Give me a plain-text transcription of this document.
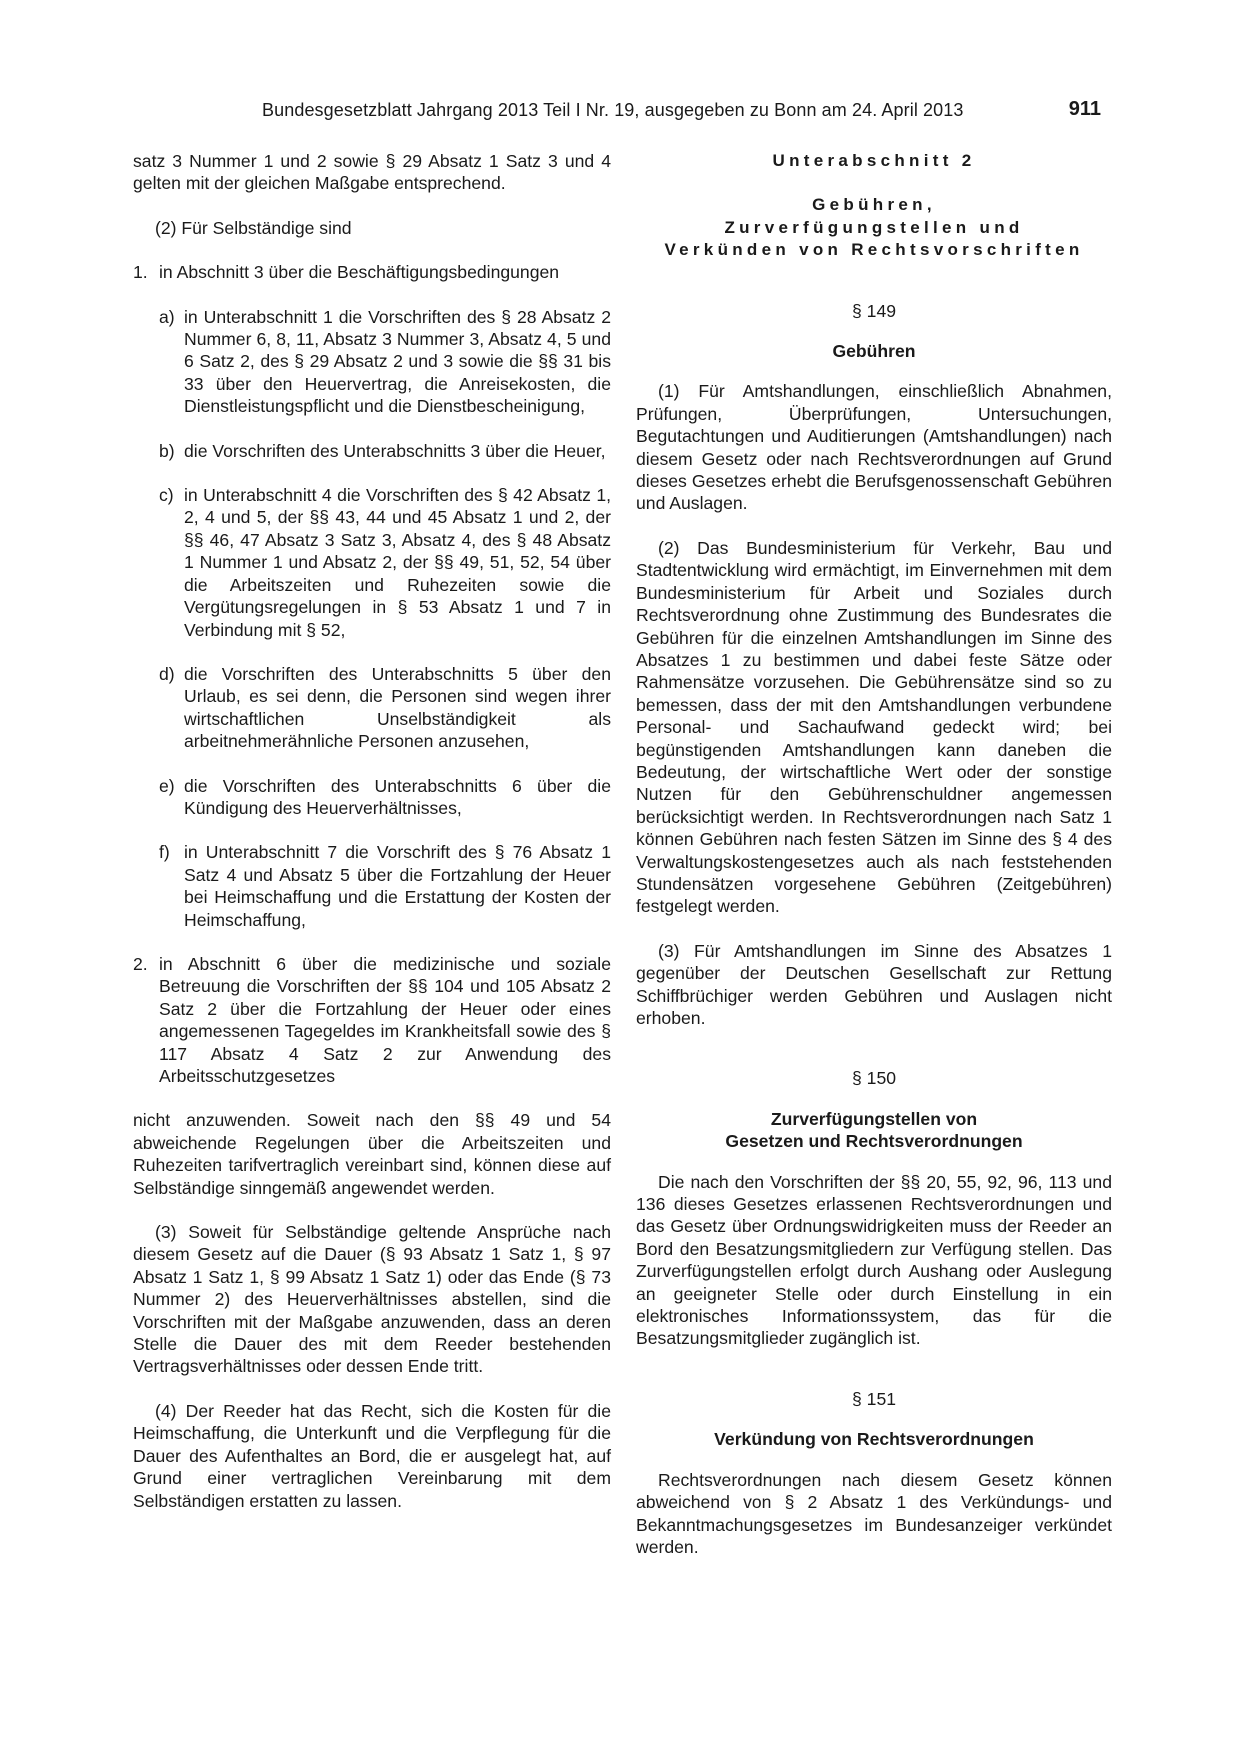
Bundesgesetzblatt Jahrgang 2013 Teil I Nr. 19, ausgegeben zu Bonn am 24. April 2013	911

satz 3 Nummer 1 und 2 sowie § 29 Absatz 1 Satz 3 und 4 gelten mit der gleichen Maßgabe entsprechend.

(2) Für Selbständige sind

1. in Abschnitt 3 über die Beschäftigungsbedingungen
a) in Unterabschnitt 1 die Vorschriften des § 28 Absatz 2 Nummer 6, 8, 11, Absatz 3 Nummer 3, Absatz 4, 5 und 6 Satz 2, des § 29 Absatz 2 und 3 sowie die §§ 31 bis 33 über den Heuervertrag, die Anreisekosten, die Dienstleistungspflicht und die Dienstbescheinigung,
b) die Vorschriften des Unterabschnitts 3 über die Heuer,
c) in Unterabschnitt 4 die Vorschriften des § 42 Absatz 1, 2, 4 und 5, der §§ 43, 44 und 45 Absatz 1 und 2, der §§ 46, 47 Absatz 3 Satz 3, Absatz 4, des § 48 Absatz 1 Nummer 1 und Absatz 2, der §§ 49, 51, 52, 54 über die Arbeitszeiten und Ruhezeiten sowie die Vergütungsregelungen in § 53 Absatz 1 und 7 in Verbindung mit § 52,
d) die Vorschriften des Unterabschnitts 5 über den Urlaub, es sei denn, die Personen sind wegen ihrer wirtschaftlichen Unselbständigkeit als arbeitnehmerähnliche Personen anzusehen,
e) die Vorschriften des Unterabschnitts 6 über die Kündigung des Heuerverhältnisses,
f) in Unterabschnitt 7 die Vorschrift des § 76 Absatz 1 Satz 4 und Absatz 5 über die Fortzahlung der Heuer bei Heimschaffung und die Erstattung der Kosten der Heimschaffung,
2. in Abschnitt 6 über die medizinische und soziale Betreuung die Vorschriften der §§ 104 und 105 Absatz 2 Satz 2 über die Fortzahlung der Heuer oder eines angemessenen Tagegeldes im Krankheitsfall sowie des § 117 Absatz 4 Satz 2 zur Anwendung des Arbeitsschutzgesetzes

nicht anzuwenden. Soweit nach den §§ 49 und 54 abweichende Regelungen über die Arbeitszeiten und Ruhezeiten tarifvertraglich vereinbart sind, können diese auf Selbständige sinngemäß angewendet werden.

(3) Soweit für Selbständige geltende Ansprüche nach diesem Gesetz auf die Dauer (§ 93 Absatz 1 Satz 1, § 97 Absatz 1 Satz 1, § 99 Absatz 1 Satz 1) oder das Ende (§ 73 Nummer 2) des Heuerverhältnisses abstellen, sind die Vorschriften mit der Maßgabe anzuwenden, dass an deren Stelle die Dauer des mit dem Reeder bestehenden Vertragsverhältnisses oder dessen Ende tritt.

(4) Der Reeder hat das Recht, sich die Kosten für die Heimschaffung, die Unterkunft und die Verpflegung für die Dauer des Aufenthaltes an Bord, die er ausgelegt hat, auf Grund einer vertraglichen Vereinbarung mit dem Selbständigen erstatten zu lassen.

Unterabschnitt 2
Gebühren,
Zurverfügungstellen und
Verkünden von Rechtsvorschriften
§ 149
Gebühren

(1) Für Amtshandlungen, einschließlich Abnahmen, Prüfungen, Überprüfungen, Untersuchungen, Begutachtungen und Auditierungen (Amtshandlungen) nach diesem Gesetz oder nach Rechtsverordnungen auf Grund dieses Gesetzes erhebt die Berufsgenossenschaft Gebühren und Auslagen.

(2) Das Bundesministerium für Verkehr, Bau und Stadtentwicklung wird ermächtigt, im Einvernehmen mit dem Bundesministerium für Arbeit und Soziales durch Rechtsverordnung ohne Zustimmung des Bundesrates die Gebühren für die einzelnen Amtshandlungen im Sinne des Absatzes 1 zu bestimmen und dabei feste Sätze oder Rahmensätze vorzusehen. Die Gebührensätze sind so zu bemessen, dass der mit den Amtshandlungen verbundene Personal- und Sachaufwand gedeckt wird; bei begünstigenden Amtshandlungen kann daneben die Bedeutung, der wirtschaftliche Wert oder der sonstige Nutzen für den Gebührenschuldner angemessen berücksichtigt werden. In Rechtsverordnungen nach Satz 1 können Gebühren nach festen Sätzen im Sinne des § 4 des Verwaltungskostengesetzes auch als nach feststehenden Stundensätzen vorgesehene Gebühren (Zeitgebühren) festgelegt werden.

(3) Für Amtshandlungen im Sinne des Absatzes 1 gegenüber der Deutschen Gesellschaft zur Rettung Schiffbrüchiger werden Gebühren und Auslagen nicht erhoben.

§ 150
Zurverfügungstellen von
Gesetzen und Rechtsverordnungen

Die nach den Vorschriften der §§ 20, 55, 92, 96, 113 und 136 dieses Gesetzes erlassenen Rechtsverordnungen und das Gesetz über Ordnungswidrigkeiten muss der Reeder an Bord den Besatzungsmitgliedern zur Verfügung stellen. Das Zurverfügungstellen erfolgt durch Aushang oder Auslegung an geeigneter Stelle oder durch Einstellung in ein elektronisches Informationssystem, das für die Besatzungsmitglieder zugänglich ist.

§ 151
Verkündung von Rechtsverordnungen

Rechtsverordnungen nach diesem Gesetz können abweichend von § 2 Absatz 1 des Verkündungs- und Bekanntmachungsgesetzes im Bundesanzeiger verkündet werden.
